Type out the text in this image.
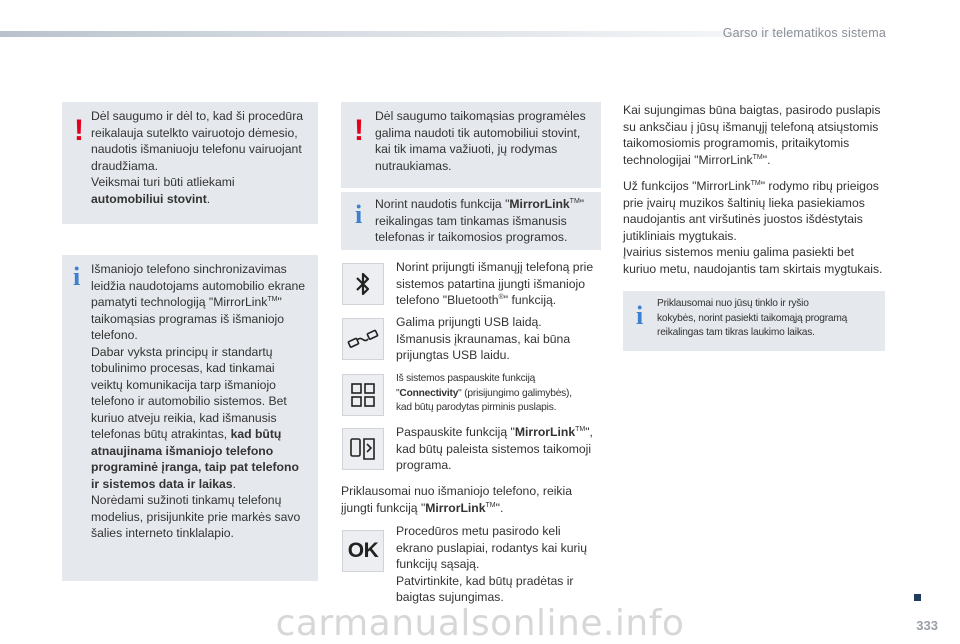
Garso ir telematikos sistema
! Dėl saugumo ir dėl to, kad ši procedūra
reikalauja sutelkto vairuotojo dėmesio,
naudotis išmaniuoju telefonu vairuojant
draudžiama.
Veiksmai turi būti atliekami
automobiliui stovint.
i Išmaniojo telefono sinchronizavimas
leidžia naudotojams automobilio ekrane
pamatyti technologiją "MirrorLink™"
taikomąsias programas iš išmaniojo
telefono.
Dabar vyksta principų ir standartų
tobulinimo procesas, kad tinkamai
veiktų komunikacija tarp išmaniojo
telefono ir automobilio sistemos. Bet
kuriuo atveju reikia, kad išmanusis
telefonas būtų atrakintas, kad būtų
atnaujinama išmaniojo telefono
programinė įranga, taip pat telefono
ir sistemos data ir laikas.
Norėdami sužinoti tinkamų telefonų
modelius, prisijunkite prie markės savo
šalies interneto tinklalapio.
! Dėl saugumo taikomąsias programėles
galima naudoti tik automobiliui stovint,
kai tik imama važiuoti, jų rodymas
nutraukiamas.
i Norint naudotis funkcija "MirrorLink™"
reikalingas tam tinkamas išmanusis
telefonas ir taikomosios programos.
Norint prijungti išmanųjį telefoną prie
sistemos patartina įjungti išmaniojo
telefono "Bluetooth®" funkciją.
Galima prijungti USB laidą.
Išmanusis įkraunamas, kai būna
prijungtas USB laidu.
Iš sistemos paspauskite funkciją
"Connectivity" (prisijungimo galimybės),
kad būtų parodytas pirminis puslapis.
Paspauskite funkciją "MirrorLink™",
kad būtų paleista sistemos taikomoji
programa.
Priklausomai nuo išmaniojo telefono, reikia
įjungti funkciją "MirrorLink™".
OK
Procedūros metu pasirodo keli
ekrano puslapiai, rodantys kai kurių
funkcijų sąsają.
Patvirtinkite, kad būtų pradėtas ir
baigtas sujungimas.
Kai sujungimas būna baigtas, pasirodo puslapis
su anksčiau į jūsų išmanųjį telefoną atsiųstomis
taikomosiomis programomis, pritaikytomis
technologijai "MirrorLink™".
Už funkcijos "MirrorLink™" rodymo ribų prieigos
prie įvairų muzikos šaltinių lieka pasiekiamos
naudojantis ant viršutinės juostos išdėstytais
jutikliniais mygtukais.
Įvairius sistemos meniu galima pasiekti bet
kuriuo metu, naudojantis tam skirtais mygtukais.
i Priklausomai nuo jūsų tinklo ir ryšio
kokybės, norint pasiekti taikomąją programą
reikalingas tam tikras laukimo laikas.
333
carmanualsonline.info
